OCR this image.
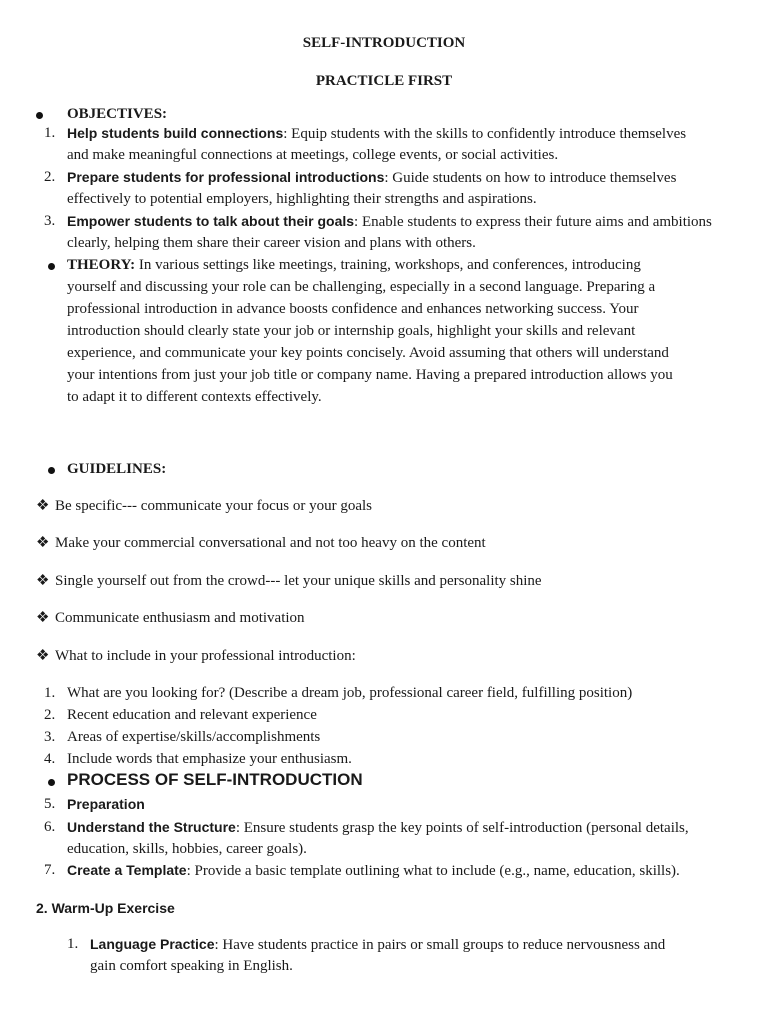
SELF-INTRODUCTION
PRACTICLE FIRST
OBJECTIVES:
1. Help students build connections: Equip students with the skills to confidently introduce themselves
and make meaningful connections at meetings, college events, or social activities.
2. Prepare students for professional introductions: Guide students on how to introduce themselves
effectively to potential employers, highlighting their strengths and aspirations.
3. Empower students to talk about their goals: Enable students to express their future aims and ambitions
clearly, helping them share their career vision and plans with others.
THEORY: In various settings like meetings, training, workshops, and conferences, introducing
yourself and discussing your role can be challenging, especially in a second language. Preparing a
professional introduction in advance boosts confidence and enhances networking success. Your
introduction should clearly state your job or internship goals, highlight your skills and relevant
experience, and communicate your key points concisely. Avoid assuming that others will understand
your intentions from just your job title or company name. Having a prepared introduction allows you
to adapt it to different contexts effectively.
GUIDELINES:
❖ Be specific--- communicate your focus or your goals
❖ Make your commercial conversational and not too heavy on the content
❖ Single yourself out from the crowd--- let your unique skills and personality shine
❖ Communicate enthusiasm and motivation
❖ What to include in your professional introduction:
1. What are you looking for? (Describe a dream job, professional career field, fulfilling position)
2. Recent education and relevant experience
3. Areas of expertise/skills/accomplishments
4. Include words that emphasize your enthusiasm.
PROCESS OF SELF-INTRODUCTION
5. Preparation
6. Understand the Structure: Ensure students grasp the key points of self-introduction (personal details,
education, skills, hobbies, career goals).
7. Create a Template: Provide a basic template outlining what to include (e.g., name, education, skills).
2. Warm-Up Exercise
1. Language Practice: Have students practice in pairs or small groups to reduce nervousness and
gain comfort speaking in English.
